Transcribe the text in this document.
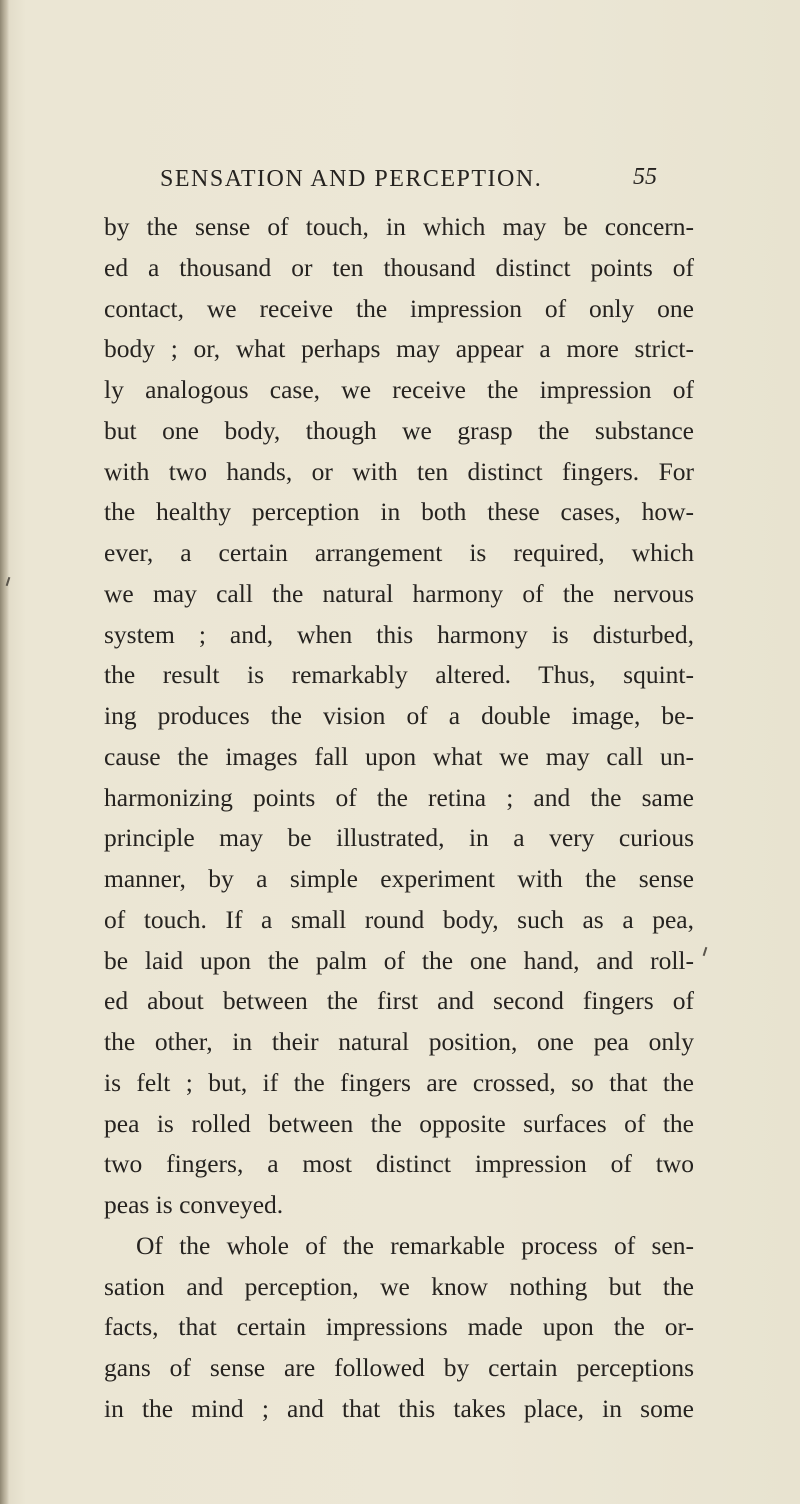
SENSATION AND PERCEPTION.	55
by the sense of touch, in which may be concern-
ed a thousand or ten thousand distinct points of
contact, we receive the impression of only one
body ; or, what perhaps may appear a more strict-
ly analogous case, we receive the impression of
but one body, though we grasp the substance
with two hands, or with ten distinct fingers. For
the healthy perception in both these cases, how-
ever, a certain arrangement is required, which
we may call the natural harmony of the nervous
system ; and, when this harmony is disturbed,
the result is remarkably altered. Thus, squint-
ing produces the vision of a double image, be-
cause the images fall upon what we may call un-
harmonizing points of the retina ; and the same
principle may be illustrated, in a very curious
manner, by a simple experiment with the sense
of touch. If a small round body, such as a pea,
be laid upon the palm of the one hand, and roll-
ed about between the first and second fingers of
the other, in their natural position, one pea only
is felt ; but, if the fingers are crossed, so that the
pea is rolled between the opposite surfaces of the
two fingers, a most distinct impression of two
peas is conveyed.
Of the whole of the remarkable process of sen-
sation and perception, we know nothing but the
facts, that certain impressions made upon the or-
gans of sense are followed by certain perceptions
in the mind ; and that this takes place, in some
